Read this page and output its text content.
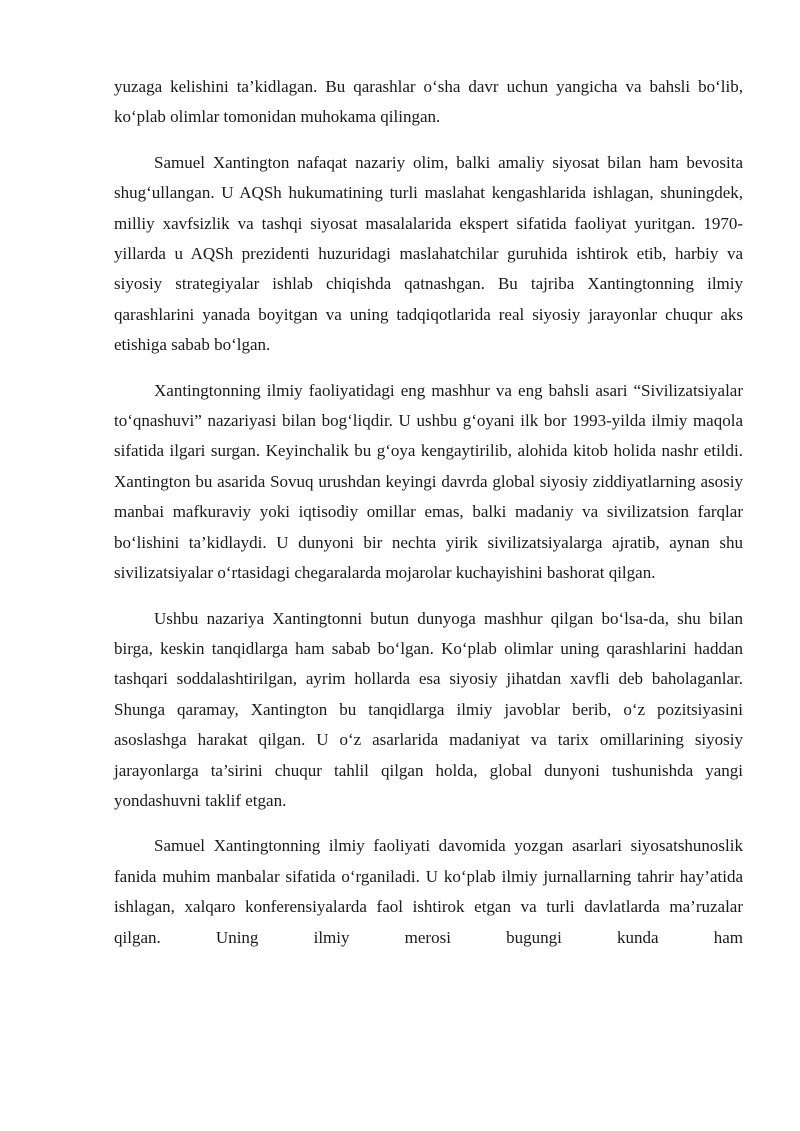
yuzaga kelishini ta’kidlagan. Bu qarashlar o‘sha davr uchun yangicha va bahsli bo‘lib, ko‘plab olimlar tomonidan muhokama qilingan.

Samuel Xantington nafaqat nazariy olim, balki amaliy siyosat bilan ham bevosita shug‘ullangan. U AQSh hukumatining turli maslahat kengashlarida ishlagan, shuningdek, milliy xavfsizlik va tashqi siyosat masalalarida ekspert sifatida faoliyat yuritgan. 1970-yillarda u AQSh prezidenti huzuridagi maslahatchilar guruhida ishtirok etib, harbiy va siyosiy strategiyalar ishlab chiqishda qatnashgan. Bu tajriba Xantingtonning ilmiy qarashlarini yanada boyitgan va uning tadqiqotlarida real siyosiy jarayonlar chuqur aks etishiga sabab bo‘lgan.

Xantingtonning ilmiy faoliyatidagi eng mashhur va eng bahsli asari “Sivilizatsiyalar to‘qnashuvi” nazariyasi bilan bog‘liqdir. U ushbu g‘oyani ilk bor 1993-yilda ilmiy maqola sifatida ilgari surgan. Keyinchalik bu g‘oya kengaytirilib, alohida kitob holida nashr etildi. Xantington bu asarida Sovuq urushdan keyingi davrda global siyosiy ziddiyatlarning asosiy manbai mafkuraviy yoki iqtisodiy omillar emas, balki madaniy va sivilizatsion farqlar bo‘lishini ta’kidlaydi. U dunyoni bir nechta yirik sivilizatsiyalarga ajratib, aynan shu sivilizatsiyalar o‘rtasidagi chegaralarda mojarolar kuchayishini bashorat qilgan.

Ushbu nazariya Xantingtonni butun dunyoga mashhur qilgan bo‘lsa-da, shu bilan birga, keskin tanqidlarga ham sabab bo‘lgan. Ko‘plab olimlar uning qarashlarini haddan tashqari soddalashtirilgan, ayrim hollarda esa siyosiy jihatdan xavfli deb baholaganlar. Shunga qaramay, Xantington bu tanqidlarga ilmiy javoblar berib, o‘z pozitsiyasini asoslashga harakat qilgan. U o‘z asarlarida madaniyat va tarix omillarining siyosiy jarayonlarga ta’sirini chuqur tahlil qilgan holda, global dunyoni tushunishda yangi yondashuvni taklif etgan.

Samuel Xantingtonning ilmiy faoliyati davomida yozgan asarlari siyosatshunoslik fanida muhim manbalar sifatida o‘rganiladi. U ko‘plab ilmiy jurnallarning tahrir hay’atida ishlagan, xalqaro konferensiyalarda faol ishtirok etgan va turli davlatlarda ma’ruzalar qilgan. Uning ilmiy merosi bugungi kunda ham
